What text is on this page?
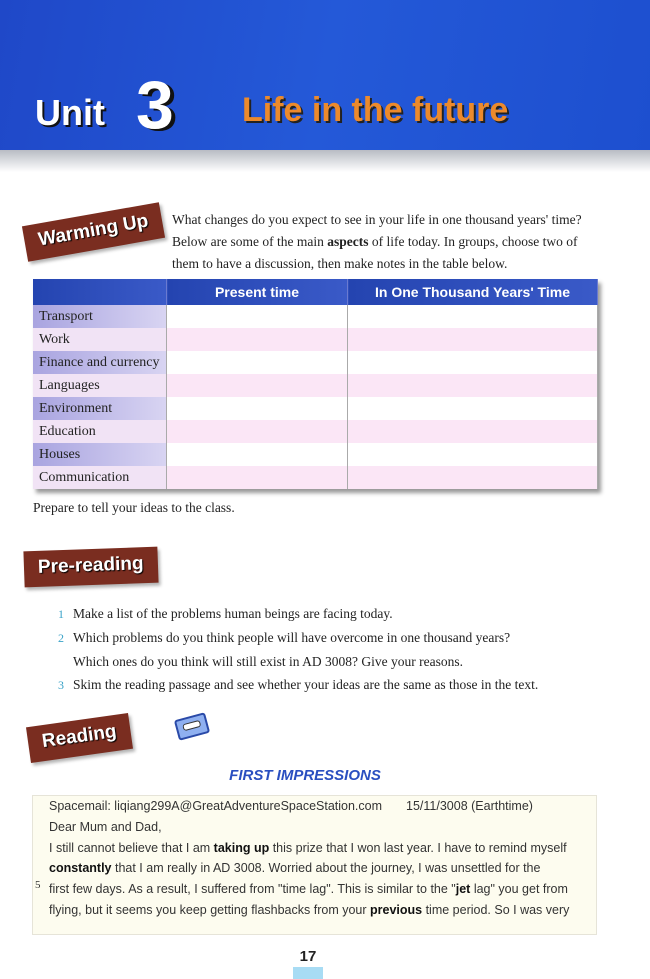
Unit 3 Life in the future
Warming Up	What changes do you expect to see in your life in one thousand years' time?
Below are some of the main aspects of life today. In groups, choose two of
them to have a discussion, then make notes in the table below.
	Present time	In One Thousand Years' Time
Transport		
Work		
Finance and currency		
Languages		
Environment		
Education		
Houses		
Communication		
Prepare to tell your ideas to the class.
Pre-reading
1 Make a list of the problems human beings are facing today.
2 Which problems do you think people will have overcome in one thousand years?
Which ones do you think will still exist in AD 3008? Give your reasons.
3 Skim the reading passage and see whether your ideas are the same as those in the text.
Reading
FIRST IMPRESSIONS
Spacemail: liqiang299A@GreatAdventureSpaceStation.com 15/11/3008 (Earthtime)
Dear Mum and Dad,
I still cannot believe that I am taking up this prize that I won last year. I have to remind myself
constantly that I am really in AD 3008. Worried about the journey, I was unsettled for the
5 first few days. As a result, I suffered from "time lag". This is similar to the "jet lag" you get from
flying, but it seems you keep getting flashbacks from your previous time period. So I was very
17
